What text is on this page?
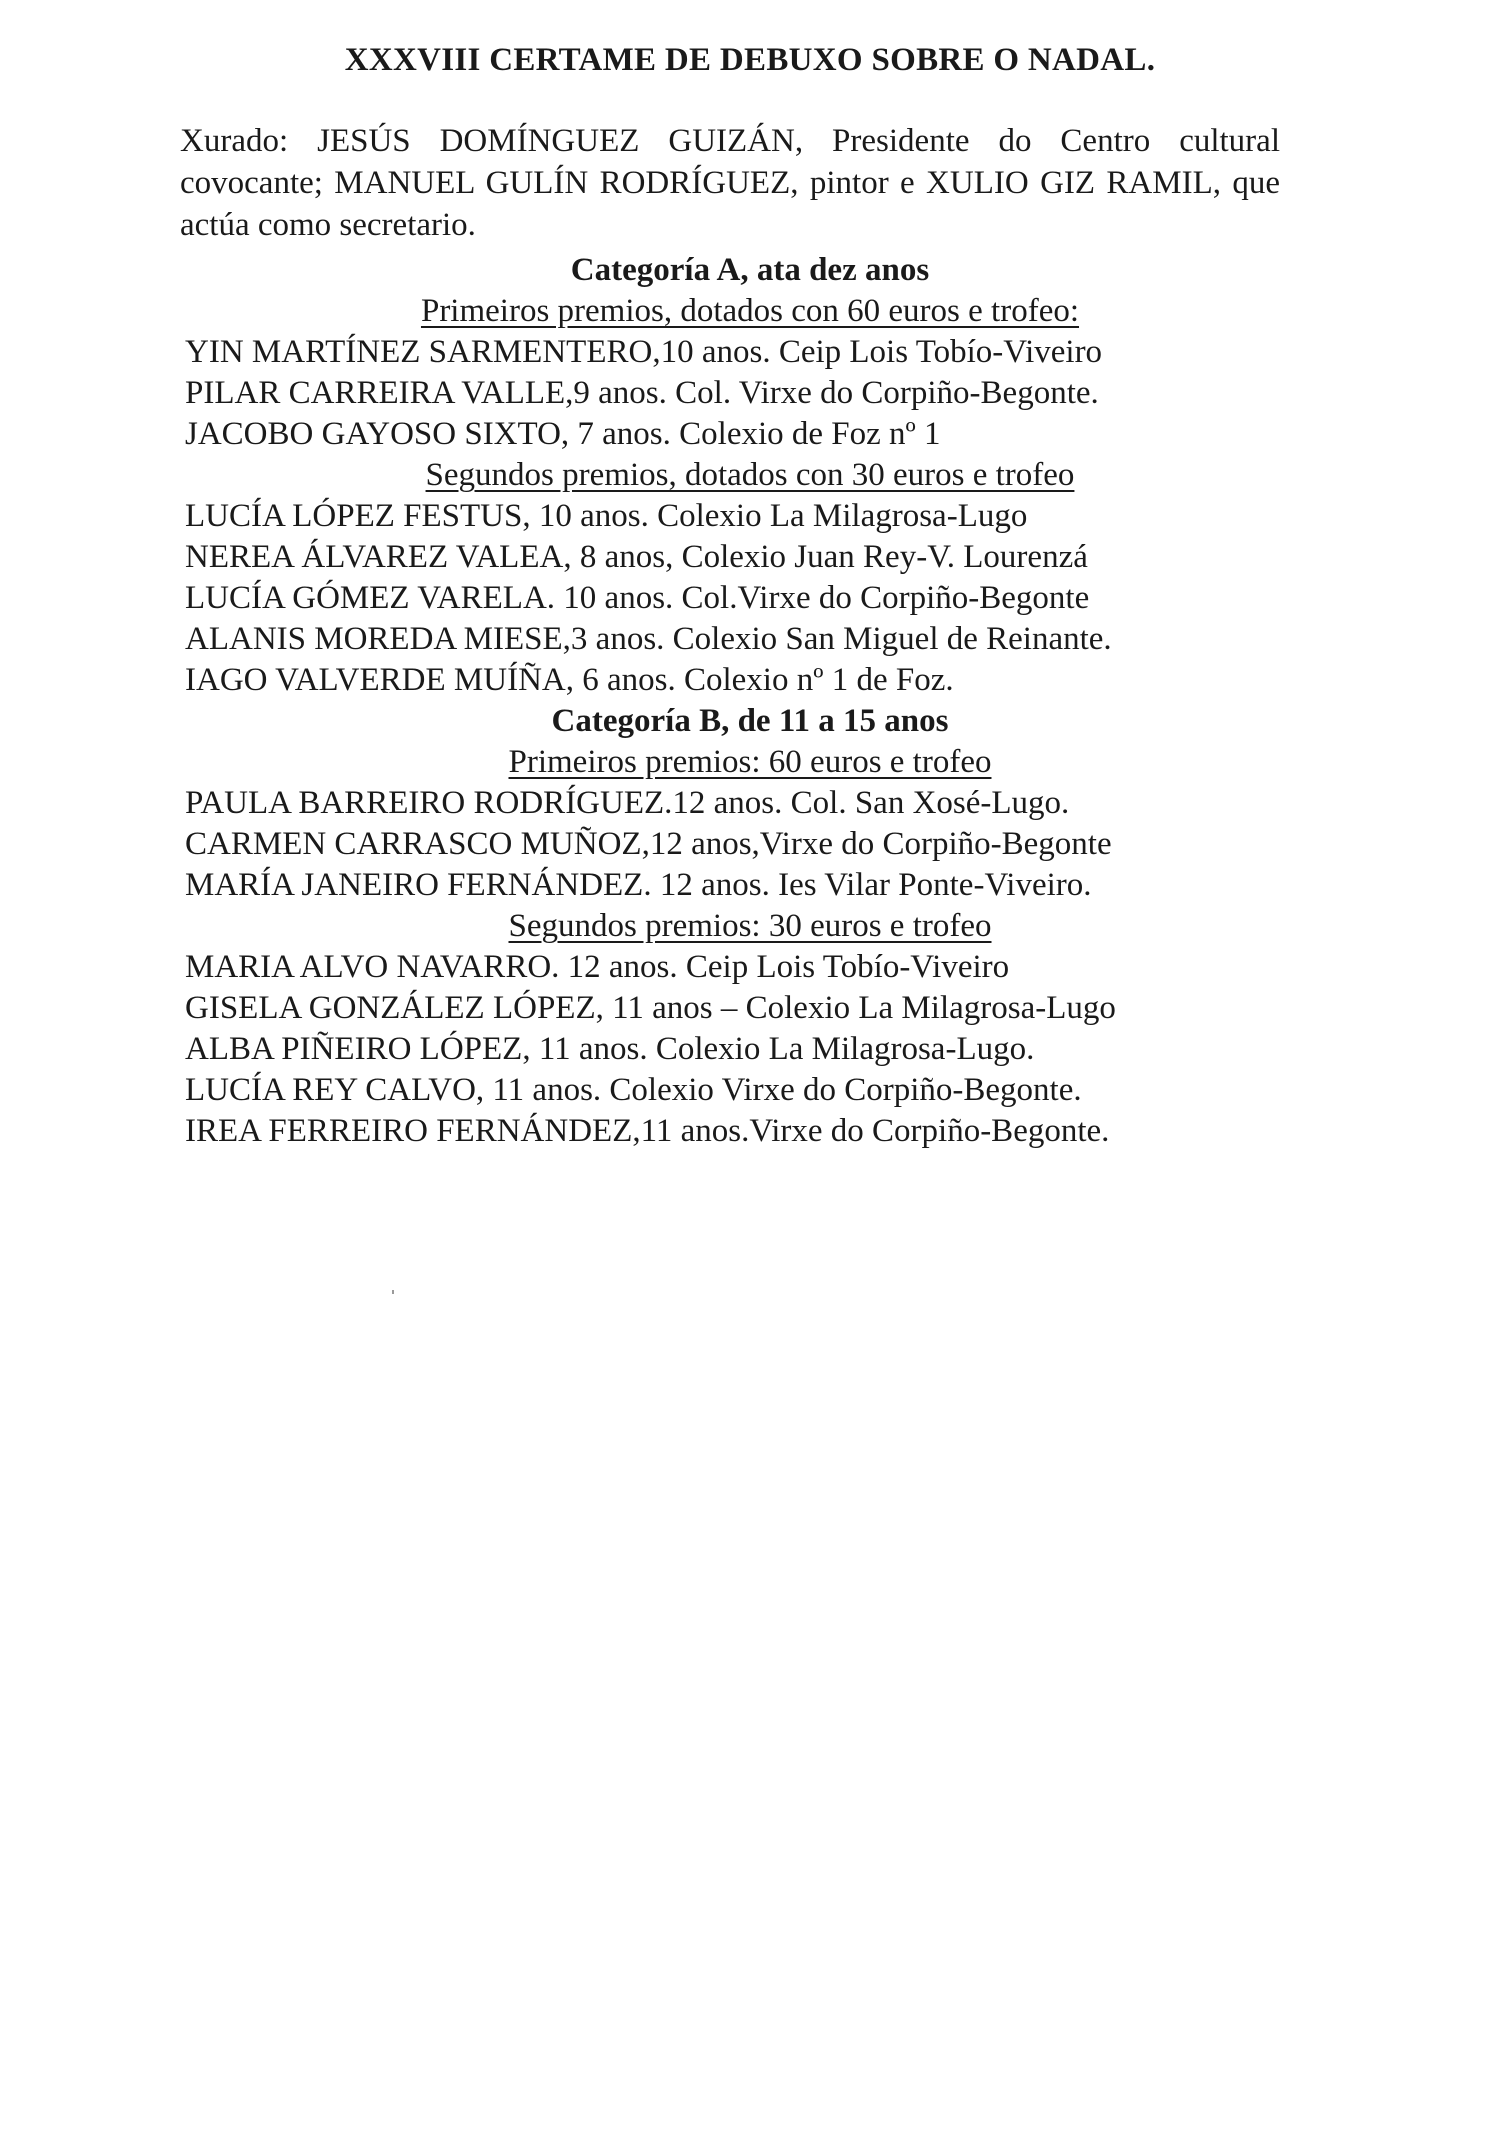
XXXVIII CERTAME DE DEBUXO SOBRE O NADAL.
Xurado: JESÚS DOMÍNGUEZ GUIZÁN, Presidente do Centro cultural covocante; MANUEL GULÍN RODRÍGUEZ, pintor e XULIO GIZ RAMIL, que actúa como secretario.
Categoría A, ata dez anos
Primeiros premios, dotados con 60 euros e trofeo:
YIN MARTÍNEZ SARMENTERO,10 anos. Ceip Lois Tobío-Viveiro
PILAR CARREIRA VALLE,9 anos. Col. Virxe do Corpiño-Begonte.
JACOBO GAYOSO SIXTO, 7 anos. Colexio de Foz nº 1
Segundos premios, dotados con 30 euros e trofeo
LUCÍA LÓPEZ FESTUS, 10 anos. Colexio La Milagrosa-Lugo
NEREA ÁLVAREZ VALEA, 8 anos, Colexio Juan Rey-V. Lourenzá
LUCÍA GÓMEZ VARELA. 10 anos. Col.Virxe do Corpiño-Begonte
ALANIS MOREDA MIESE,3 anos. Colexio San Miguel de Reinante.
IAGO VALVERDE MUÍÑA, 6 anos. Colexio nº 1 de Foz.
Categoría B, de 11 a 15 anos
Primeiros premios: 60 euros e trofeo
PAULA BARREIRO RODRÍGUEZ.12 anos. Col. San Xosé-Lugo.
CARMEN CARRASCO MUÑOZ,12 anos,Virxe do Corpiño-Begonte
MARÍA JANEIRO FERNÁNDEZ. 12 anos. Ies Vilar Ponte-Viveiro.
Segundos premios: 30 euros e trofeo
MARIA ALVO NAVARRO. 12 anos. Ceip Lois Tobío-Viveiro
GISELA GONZÁLEZ LÓPEZ, 11 anos – Colexio La Milagrosa-Lugo
ALBA PIÑEIRO LÓPEZ, 11 anos. Colexio La Milagrosa-Lugo.
LUCÍA REY CALVO, 11 anos. Colexio Virxe do Corpiño-Begonte.
IREA FERREIRO FERNÁNDEZ,11 anos.Virxe do Corpiño-Begonte.
